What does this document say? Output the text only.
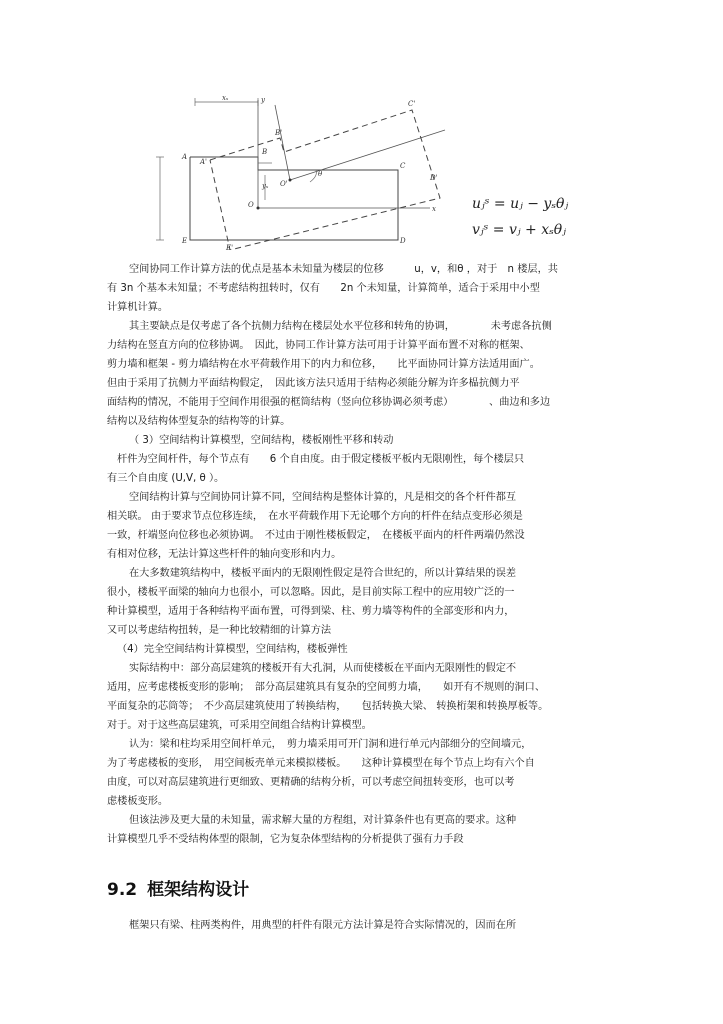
A
E
B
C
D
A'
B'
C'
D'
E'
O
O'
x
y
xₛ
yₛ
θ
uⱼˢ = uⱼ − yₛθⱼ
vⱼˢ = vⱼ + xₛθⱼ
空间协同工作计算方法的优点是基本未知量为楼层的位移　　　u，v，和θ ，对于　n 楼层，共
有 3n 个基本未知量；不考虑结构扭转时，仅有　　2n 个未知量，计算简单，适合于采用中小型
计算机计算。
其主要缺点是仅考虑了各个抗侧力结构在楼层处水平位移和转角的协调，　　　　未考虑各抗侧
力结构在竖直方向的位移协调。　因此，协同工作计算方法可用于计算平面布置不对称的框架、
剪力墙和框架 - 剪力墙结构在水平荷载作用下的内力和位移，　　比平面协同计算方法适用面广。
但由于采用了抗侧力平面结构假定，　因此该方法只适用于结构必须能分解为许多榀抗侧力平
面结构的情况，不能用于空间作用很强的框筒结构（竖向位移协调必须考虑）　　　　、曲边和多边
结构以及结构体型复杂的结构等的计算。
（ 3）空间结构计算模型，空间结构，楼板刚性平移和转动
杆件为空间杆件，每个节点有　　6 个自由度。由于假定楼板平板内无限刚性，每个楼层只
有三个自由度 (U,V, θ ）。
空间结构计算与空间协同计算不同，空间结构是整体计算的，凡是相交的各个杆件都互
相关联。 由于要求节点位移连续，　在水平荷载作用下无论哪个方向的杆件在结点变形必须是
一致，杆端竖向位移也必须协调。　不过由于刚性楼板假定，　在楼板平面内的杆件两端仍然没
有相对位移，无法计算这些杆件的轴向变形和内力。
在大多数建筑结构中，楼板平面内的无限刚性假定是符合世纪的，所以计算结果的误差
很小，楼板平面梁的轴向力也很小，可以忽略。因此，是目前实际工程中的应用较广泛的一
种计算模型，适用于各种结构平面布置，可得到梁、柱、剪力墙等构件的全部变形和内力，
又可以考虑结构扭转，是一种比较精细的计算方法
（4）完全空间结构计算模型，空间结构，楼板弹性
实际结构中：部分高层建筑的楼板开有大孔洞，从而使楼板在平面内无限刚性的假定不
适用，应考虑楼板变形的影响；　部分高层建筑具有复杂的空间剪力墙，　　如开有不规则的洞口、
平面复杂的芯筒等；　不少高层建筑使用了转换结构，　　包括转换大梁、 转换桁架和转换厚板等。
对于。对于这些高层建筑，可采用空间组合结构计算模型。
认为：梁和柱均采用空间杆单元，　剪力墙采用可开门洞和进行单元内部细分的空间墙元，
为了考虑楼板的变形，　用空间板壳单元来模拟楼板。　　这种计算模型在每个节点上均有六个自
由度，可以对高层建筑进行更细致、更精确的结构分析，可以考虑空间扭转变形，也可以考
虑楼板变形。
但该法涉及更大量的未知量，需求解大量的方程组，对计算条件也有更高的要求。这种
计算模型几乎不受结构体型的限制，它为复杂体型结构的分析提供了强有力手段
9.2 框架结构设计
框架只有梁、柱两类构件，用典型的杆件有限元方法计算是符合实际情况的，因而在所
